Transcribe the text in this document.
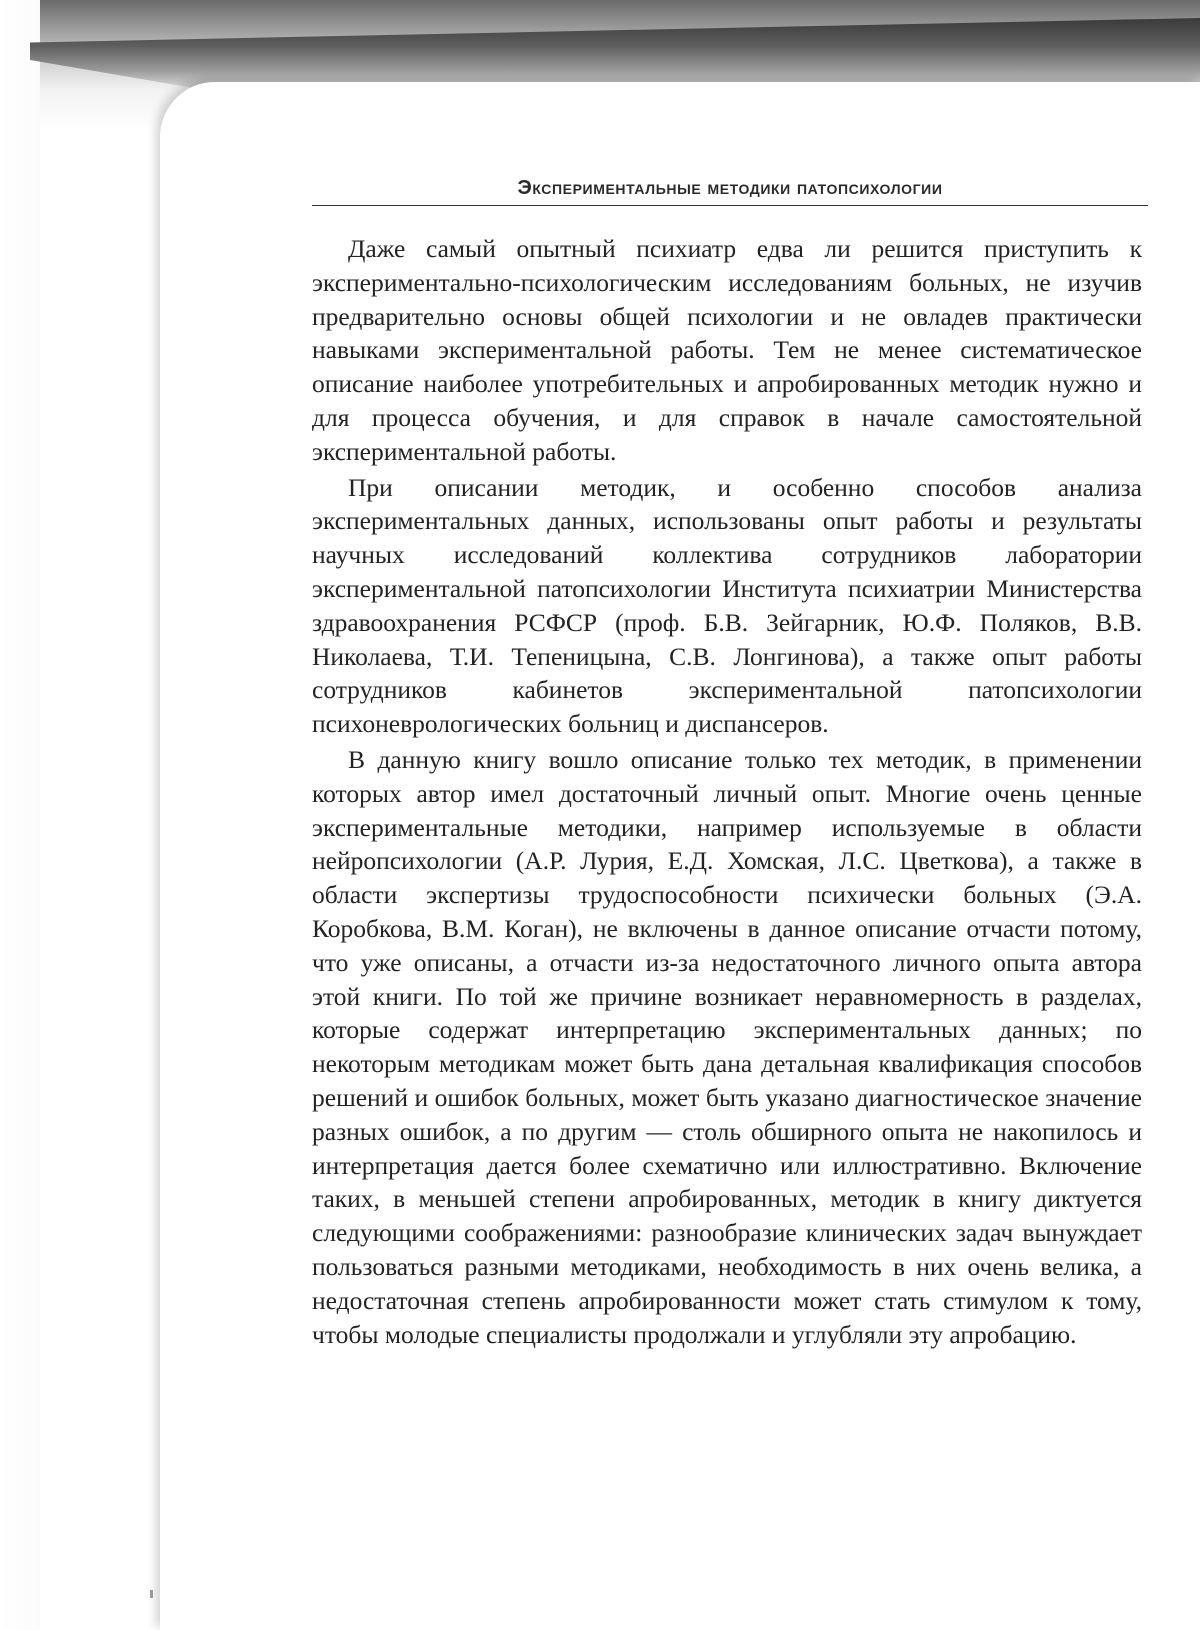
Экспериментальные методики патопсихологии

Даже самый опытный психиатр едва ли решится приступить к экспериментально-психологическим исследованиям больных, не изучив предварительно основы общей психологии и не овладев практически навыками экспериментальной работы. Тем не менее систематическое описание наиболее употребительных и апробированных методик нужно и для процесса обучения, и для справок в начале самостоятельной экспериментальной работы.

При описании методик, и особенно способов анализа экспериментальных данных, использованы опыт работы и результаты научных исследований коллектива сотрудников лаборатории экспериментальной патопсихологии Института психиатрии Министерства здравоохранения РСФСР (проф. Б.В. Зейгарник, Ю.Ф. Поляков, В.В. Николаева, Т.И. Тепеницына, С.В. Лонгинова), а также опыт работы сотрудников кабинетов экспериментальной патопсихологии психоневрологических больниц и диспансеров.

В данную книгу вошло описание только тех методик, в применении которых автор имел достаточный личный опыт. Многие очень ценные экспериментальные методики, например используемые в области нейропсихологии (А.Р. Лурия, Е.Д. Хомская, Л.С. Цветкова), а также в области экспертизы трудоспособности психически больных (Э.А. Коробкова, В.М. Коган), не включены в данное описание отчасти потому, что уже описаны, а отчасти из-за недостаточного личного опыта автора этой книги. По той же причине возникает неравномерность в разделах, которые содержат интерпретацию экспериментальных данных; по некоторым методикам может быть дана детальная квалификация способов решений и ошибок больных, может быть указано диагностическое значение разных ошибок, а по другим — столь обширного опыта не накопилось и интерпретация дается более схематично или иллюстративно. Включение таких, в меньшей степени апробированных, методик в книгу диктуется следующими соображениями: разнообразие клинических задач вынуждает пользоваться разными методиками, необходимость в них очень велика, а недостаточная степень апробированности может стать стимулом к тому, чтобы молодые специалисты продолжали и углубляли эту апробацию.
